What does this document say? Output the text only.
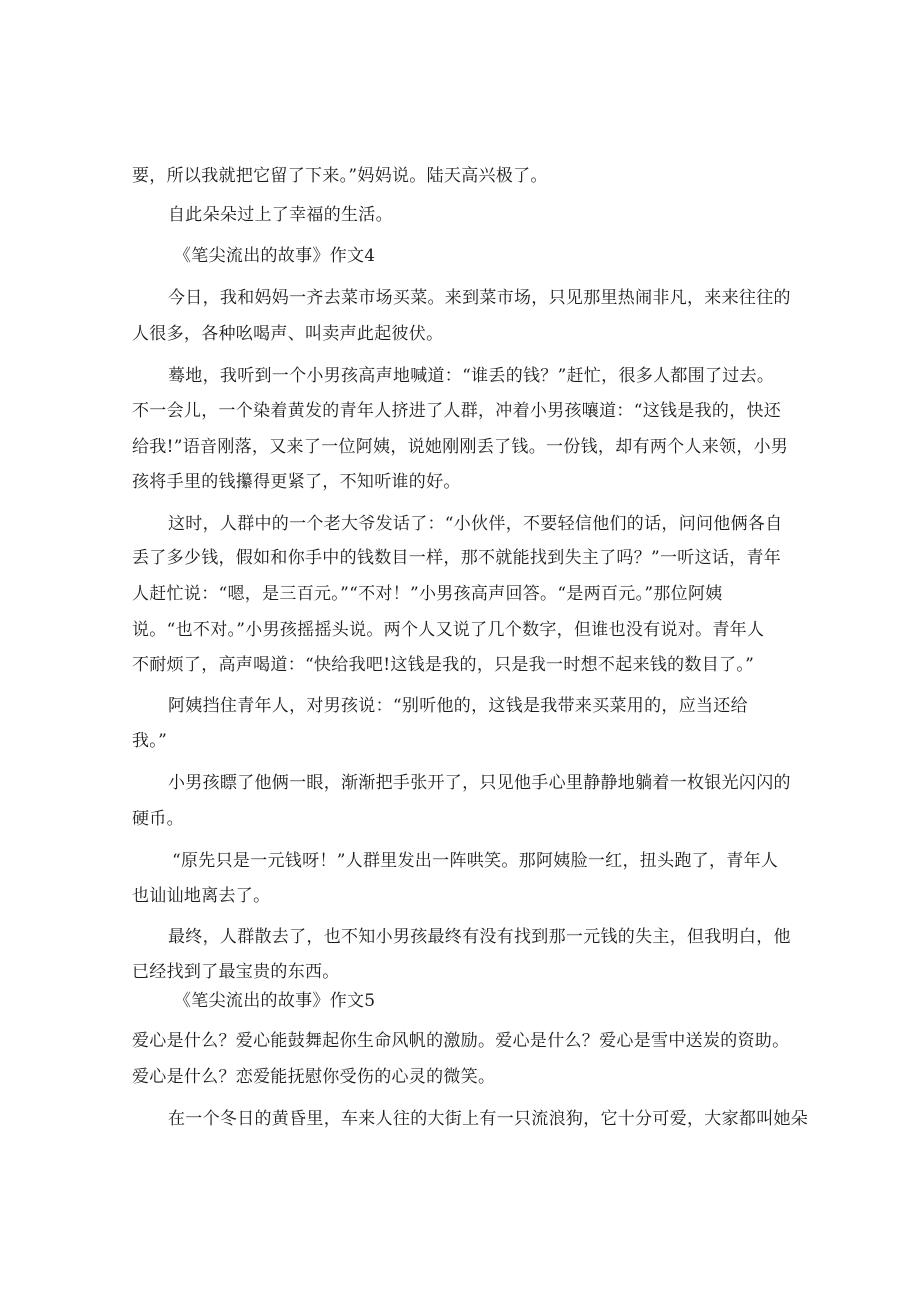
要，所以我就把它留了下来。”妈妈说。陆天高兴极了。
自此朵朵过上了幸福的生活。
《笔尖流出的故事》作文4
今日，我和妈妈一齐去菜市场买菜。来到菜市场，只见那里热闹非凡，来来往往的
人很多，各种吆喝声、叫卖声此起彼伏。
蓦地，我听到一个小男孩高声地喊道：“谁丢的钱？”赶忙，很多人都围了过去。
不一会儿，一个染着黄发的青年人挤进了人群，冲着小男孩嚷道：“这钱是我的，快还
给我!”语音刚落，又来了一位阿姨，说她刚刚丢了钱。一份钱，却有两个人来领，小男
孩将手里的钱攥得更紧了，不知听谁的好。
这时，人群中的一个老大爷发话了：“小伙伴，不要轻信他们的话，问问他俩各自
丢了多少钱，假如和你手中的钱数目一样，那不就能找到失主了吗？”一听这话，青年
人赶忙说：“嗯，是三百元。”“不对！”小男孩高声回答。“是两百元。”那位阿姨
说。“也不对。”小男孩摇摇头说。两个人又说了几个数字，但谁也没有说对。青年人
不耐烦了，高声喝道：“快给我吧!这钱是我的，只是我一时想不起来钱的数目了。”
阿姨挡住青年人，对男孩说：“别听他的，这钱是我带来买菜用的，应当还给
我。”
小男孩瞟了他俩一眼，渐渐把手张开了，只见他手心里静静地躺着一枚银光闪闪的
硬币。
“原先只是一元钱呀！”人群里发出一阵哄笑。那阿姨脸一红，扭头跑了，青年人
也讪讪地离去了。
最终，人群散去了，也不知小男孩最终有没有找到那一元钱的失主，但我明白，他
已经找到了最宝贵的东西。
《笔尖流出的故事》作文5
爱心是什么？爱心能鼓舞起你生命风帆的激励。爱心是什么？爱心是雪中送炭的资助。
爱心是什么？恋爱能抚慰你受伤的心灵的微笑。
在一个冬日的黄昏里，车来人往的大街上有一只流浪狗，它十分可爱，大家都叫她朵
